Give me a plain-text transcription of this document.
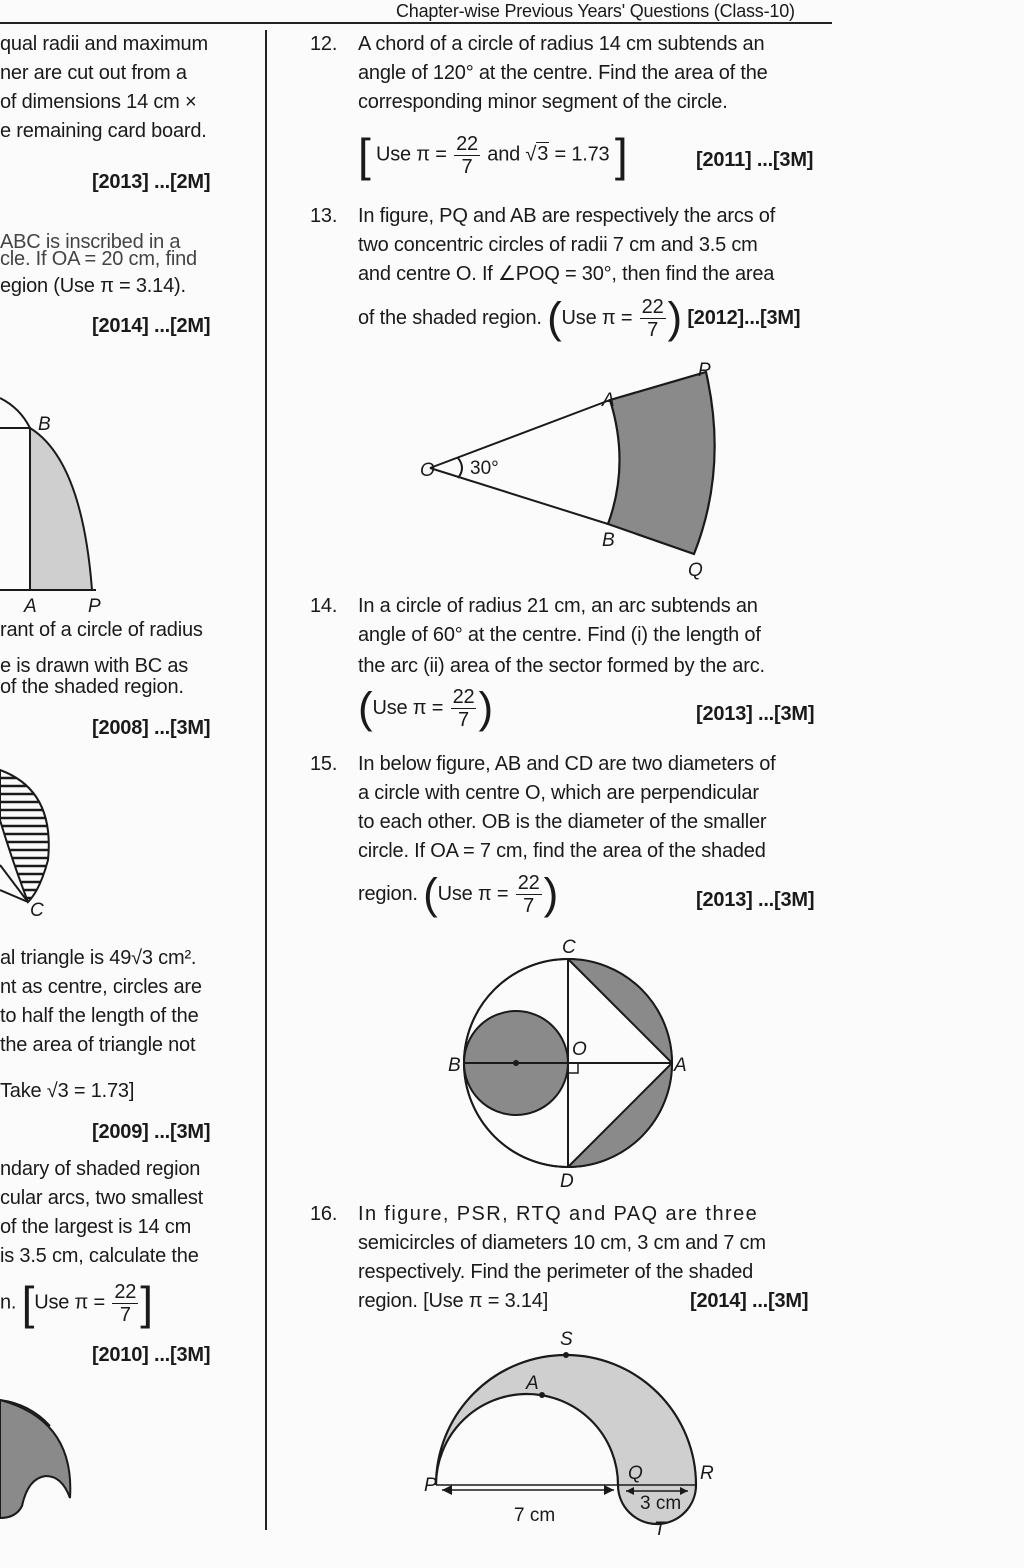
Chapter-wise Previous Years' Questions (Class-10)
qual radii and maximum
ner are cut out from a
of dimensions 14 cm ×
e remaining card board.
[2013] ...[2M]
ABC is inscribed in a
cle. If OA = 20 cm, find
egion (Use π = 3.14).
[2014] ...[2M]
B
A	P
rant of a circle of radius
e is drawn with BC as
of the shaded region.
[2008] ...[3M]
C
al triangle is 49√3 cm².
nt as centre, circles are
to half the length of the
the area of triangle not
Take √3 = 1.73]
[2009] ...[3M]
ndary of shaded region
cular arcs, two smallest
of the largest is 14 cm
is 3.5 cm, calculate the
n. [Use $\pi = \frac{22}{7}$ ]
[2010] ...[3M]
12. A chord of a circle of radius 14 cm subtends an
angle of 120° at the centre. Find the area of the
corresponding minor segment of the circle.
[ Use $\pi = \frac{22}{7}$ and √3 = 1.73 ]	[2011] ...[3M]
13. In figure, PQ and AB are respectively the arcs of
two concentric circles of radii 7 cm and 3.5 cm
and centre O. If ∠POQ = 30°, then find the area
of the shaded region. (Use $\pi = \frac{22}{7}$ ) [2012]...[3M]
O 30°
A
P
B
Q
14. In a circle of radius 21 cm, an arc subtends an
angle of 60° at the centre. Find (i) the length of
the arc (ii) area of the sector formed by the arc.
(Use $\pi = \frac{22}{7}$ )	[2013] ...[3M]
15. In below figure, AB and CD are two diameters of
a circle with centre O, which are perpendicular
to each other. OB is the diameter of the smaller
circle. If OA = 7 cm, find the area of the shaded
region. (Use $\pi = \frac{22}{7}$ )	[2013] ...[3M]
C
B
O
A
D
16. In figure, PSR, RTQ and PAQ are three
semicircles of diameters 10 cm, 3 cm and 7 cm
respectively. Find the perimeter of the shaded
region. [Use π = 3.14]	[2014] ...[3M]
S
A
P
Q	R
T
7 cm
3 cm
